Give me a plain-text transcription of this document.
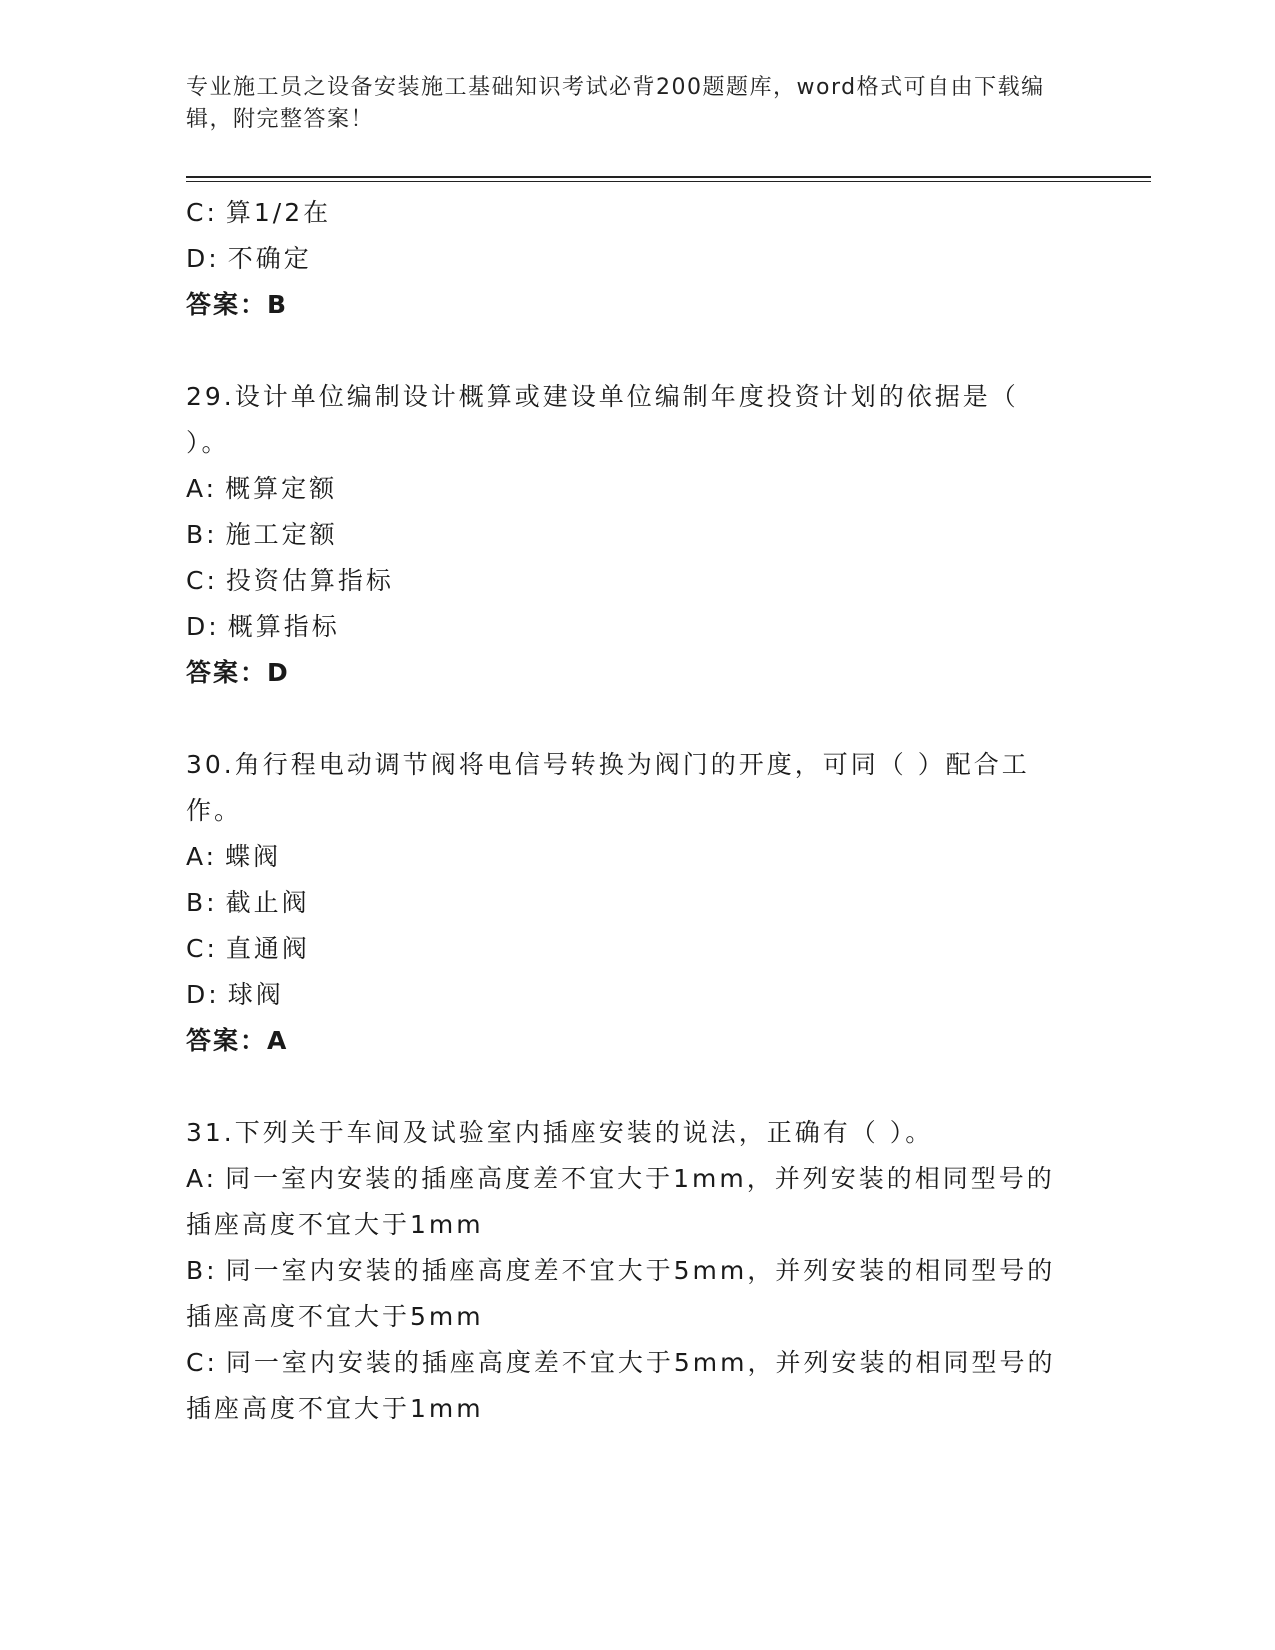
专业施工员之设备安装施工基础知识考试必背200题题库，word格式可自由下载编辑，附完整答案！
C: 算1/2在
D: 不确定
答案：B
29.设计单位编制设计概算或建设单位编制年度投资计划的依据是（ ）。
A: 概算定额
B: 施工定额
C: 投资估算指标
D: 概算指标
答案：D
30.角行程电动调节阀将电信号转换为阀门的开度，可同（ ）配合工作。
A: 蝶阀
B: 截止阀
C: 直通阀
D: 球阀
答案：A
31.下列关于车间及试验室内插座安装的说法，正确有（ ）。
A: 同一室内安装的插座高度差不宜大于1mm，并列安装的相同型号的插座高度不宜大于1mm
B: 同一室内安装的插座高度差不宜大于5mm，并列安装的相同型号的插座高度不宜大于5mm
C: 同一室内安装的插座高度差不宜大于5mm，并列安装的相同型号的插座高度不宜大于1mm
